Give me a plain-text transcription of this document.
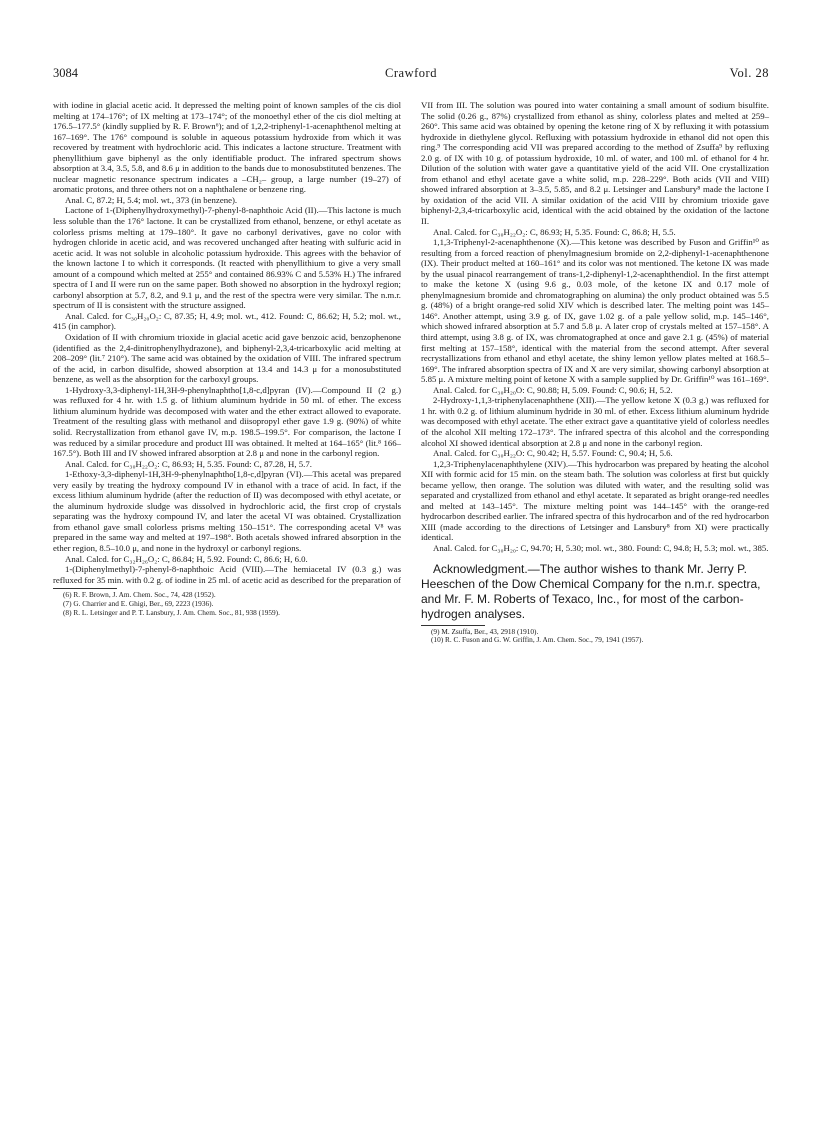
3084	Crawford	Vol. 28

with iodine in glacial acetic acid. It depressed the melting point of known samples of the cis diol melting at 174–176°; of IX melting at 173–174°; of the monoethyl ether of the cis diol melting at 176.5–177.5° (kindly supplied by R. F. Brown⁶); and of 1,2,2-triphenyl-1-acenaphthenol melting at 167–169°. The 176° compound is soluble in aqueous potassium hydroxide from which it was recovered by treatment with hydrochloric acid. This indicates a lactone structure. Treatment with phenyllithium gave biphenyl as the only identifiable product. The infrared spectrum shows absorption at 3.4, 3.5, 5.8, and 8.6 μ in addition to the bands due to monosubstituted benzenes. The nuclear magnetic resonance spectrum indicates a –CH₂– group, a large number (19–27) of aromatic protons, and three others not on a naphthalene or benzene ring.

Anal. C, 87.2; H, 5.4; mol. wt., 373 (in benzene).

Lactone of 1-(Diphenylhydroxymethyl)-7-phenyl-8-naphthoic Acid (II).—This lactone is much less soluble than the 176° lactone. It can be crystallized from ethanol, benzene, or ethyl acetate as colorless prisms melting at 179–180°. It gave no carbonyl derivatives, gave no color with hydrogen chloride in acetic acid, and was recovered unchanged after heating with sulfuric acid in acetic acid. It was not soluble in alcoholic potassium hydroxide. This agrees with the behavior of the known lactone I to which it corresponds. (It reacted with phenyllithium to give a very small amount of a compound which melted at 255° and contained 86.93% C and 5.53% H.) The infrared spectra of I and II were run on the same paper. Both showed no absorption in the hydroxyl region; carbonyl absorption at 5.7, 8.2, and 9.1 μ, and the rest of the spectra were very similar. The n.m.r. spectrum of II is consistent with the structure assigned.

Anal. Calcd. for C₃₀H₂₀O₂: C, 87.35; H, 4.9; mol. wt., 412. Found: C, 86.62; H, 5.2; mol. wt., 415 (in camphor).

Oxidation of II with chromium trioxide in glacial acetic acid gave benzoic acid, benzophenone (identified as the 2,4-dinitrophenylhydrazone), and biphenyl-2,3,4-tricarboxylic acid melting at 208–209° (lit.⁷ 210°). The same acid was obtained by the oxidation of VIII. The infrared spectrum of the acid, in carbon disulfide, showed absorption at 13.4 and 14.3 μ for a monosubstituted benzene, as well as the absorption for the carboxyl groups.

1-Hydroxy-3,3-diphenyl-1H,3H-9-phenylnaphtho[1,8-c,d]pyran (IV).—Compound II (2 g.) was refluxed for 4 hr. with 1.5 g. of lithium aluminum hydride in 50 ml. of ether. The excess lithium aluminum hydride was decomposed with water and the ether extract allowed to evaporate. Treatment of the resulting glass with methanol and diisopropyl ether gave 1.9 g. (90%) of white solid. Recrystallization from ethanol gave IV, m.p. 198.5–199.5°. For comparison, the lactone I was reduced by a similar procedure and product III was obtained. It melted at 164–165° (lit.⁸ 166–167.5°). Both III and IV showed infrared absorption at 2.8 μ and none in the carbonyl region.

Anal. Calcd. for C₃₀H₂₂O₂: C, 86.93; H, 5.35. Found: C, 87.28, H, 5.7.

1-Ethoxy-3,3-diphenyl-1H,3H-9-phenylnaphtho[1,8-c,d]pyran (VI).—This acetal was prepared very easily by treating the hydroxy compound IV in ethanol with a trace of acid. In fact, if the excess lithium aluminum hydride (after the reduction of II) was decomposed with ethyl acetate, or the aluminum hydroxide sludge was dissolved in hydrochloric acid, the first crop of crystals separating was the hydroxy compound IV, and later the acetal VI was obtained. Crystallization from ethanol gave small colorless prisms melting 150–151°. The corresponding acetal V⁸ was prepared in the same way and melted at 197–198°. Both acetals showed infrared absorption in the ether region, 8.5–10.0 μ, and none in the hydroxyl or carbonyl regions.

Anal. Calcd. for C₃₂H₂₆O₂: C, 86.84; H, 5.92. Found: C, 86.6; H, 6.0.

1-(Diphenylmethyl)-7-phenyl-8-naphthoic Acid (VIII).—The hemiacetal IV (0.3 g.) was refluxed for 35 min. with 0.2 g. of iodine in 25 ml. of acetic acid as described for the preparation of

(6) R. F. Brown, J. Am. Chem. Soc., 74, 428 (1952).

(7) G. Charrier and E. Ghigi, Ber., 69, 2223 (1936).

(8) R. L. Letsinger and P. T. Lansbury, J. Am. Chem. Soc., 81, 938 (1959).

VII from III. The solution was poured into water containing a small amount of sodium bisulfite. The solid (0.26 g., 87%) crystallized from ethanol as shiny, colorless plates and melted at 259–260°. This same acid was obtained by opening the ketone ring of X by refluxing it with potassium hydroxide in diethylene glycol. Refluxing with potassium hydroxide in ethanol did not open this ring.⁹ The corresponding acid VII was prepared according to the method of Zsuffa⁹ by refluxing 2.0 g. of IX with 10 g. of potassium hydroxide, 10 ml. of water, and 100 ml. of ethanol for 4 hr. Dilution of the solution with water gave a quantitative yield of the acid VII. One crystallization from ethanol and ethyl acetate gave a white solid, m.p. 228–229°. Both acids (VII and VIII) showed infrared absorption at 3–3.5, 5.85, and 8.2 μ. Letsinger and Lansbury⁸ made the lactone I by oxidation of the acid VII. A similar oxidation of the acid VIII by chromium trioxide gave biphenyl-2,3,4-tricarboxylic acid, identical with the acid obtained by the oxidation of the lactone II.

Anal. Calcd. for C₃₀H₂₂O₂: C, 86.93; H, 5.35. Found: C, 86.8; H, 5.5.

1,1,3-Triphenyl-2-acenaphthenone (X).—This ketone was described by Fuson and Griffin¹⁰ as resulting from a forced reaction of phenylmagnesium bromide on 2,2-diphenyl-1-acenaphthenone (IX). Their product melted at 160–161° and its color was not mentioned. The ketone IX was made by the usual pinacol rearrangement of trans-1,2-diphenyl-1,2-acenaphthendiol. In the first attempt to make the ketone X (using 9.6 g., 0.03 mole, of the ketone IX and 0.17 mole of phenylmagnesium bromide and chromatographing on alumina) the only product obtained was 5.5 g. (48%) of a bright orange-red solid XIV which is described later. The melting point was 145–146°. Another attempt, using 3.9 g. of IX, gave 1.02 g. of a pale yellow solid, m.p. 145–146°, which showed infrared absorption at 5.7 and 5.8 μ. A later crop of crystals melted at 157–158°. A third attempt, using 3.8 g. of IX, was chromatographed at once and gave 2.1 g. (45%) of material first melting at 157–158°, identical with the material from the second attempt. After several recrystallizations from ethanol and ethyl acetate, the shiny lemon yellow plates melted at 168.5–169°. The infrared absorption spectra of IX and X are very similar, showing carbonyl absorption at 5.85 μ. A mixture melting point of ketone X with a sample supplied by Dr. Griffin¹⁰ was 161–169°.

Anal. Calcd. for C₃₀H₂₀O: C, 90.88; H, 5.09. Found: C, 90.6; H, 5.2.

2-Hydroxy-1,1,3-triphenylacenaphthene (XII).—The yellow ketone X (0.3 g.) was refluxed for 1 hr. with 0.2 g. of lithium aluminum hydride in 30 ml. of ether. Excess lithium aluminum hydride was decomposed with ethyl acetate. The ether extract gave a quantitative yield of colorless needles of the alcohol XII melting 172–173°. The infrared spectra of this alcohol and the corresponding alcohol XI showed identical absorption at 2.8 μ and none in the carbonyl region.

Anal. Calcd. for C₃₀H₂₂O: C, 90.42; H, 5.57. Found: C, 90.4; H, 5.6.

1,2,3-Triphenylacenaphthylene (XIV).—This hydrocarbon was prepared by heating the alcohol XII with formic acid for 15 min. on the steam bath. The solution was colorless at first but quickly became yellow, then orange. The solution was diluted with water, and the resulting solid was separated and crystallized from ethanol and ethyl acetate. It separated as bright orange-red needles and melted at 143–145°. The mixture melting point was 144–145° with the orange-red hydrocarbon described earlier. The infrared spectra of this hydrocarbon and of the red hydrocarbon XIII (made according to the directions of Letsinger and Lansbury⁸ from XI) were practically identical.

Anal. Calcd. for C₃₀H₂₀: C, 94.70; H, 5.30; mol. wt., 380. Found: C, 94.8; H, 5.3; mol. wt., 385.

Acknowledgment.—The author wishes to thank Mr. Jerry P. Heeschen of the Dow Chemical Company for the n.m.r. spectra, and Mr. F. M. Roberts of Texaco, Inc., for most of the carbon-hydrogen analyses.

(9) M. Zsuffa, Ber., 43, 2918 (1910).

(10) R. C. Fuson and G. W. Griffin, J. Am. Chem. Soc., 79, 1941 (1957).
